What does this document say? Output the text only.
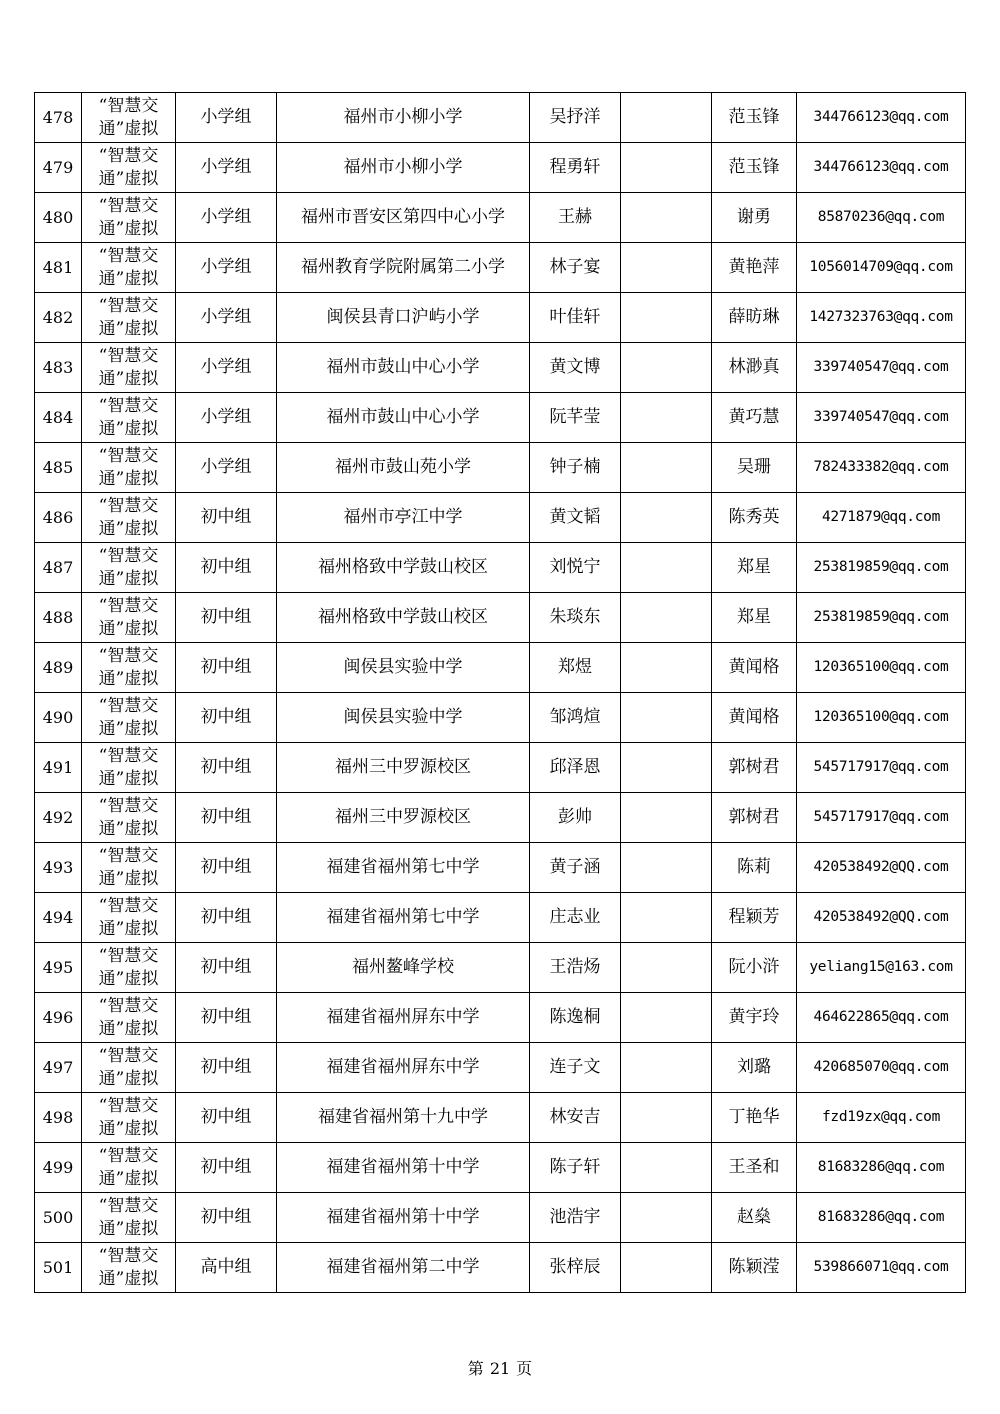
478	“智慧交通”虚拟	小学组	福州市小柳小学	吴抒洋		范玉锋	344766123@qq.com
479	“智慧交通”虚拟	小学组	福州市小柳小学	程勇轩		范玉锋	344766123@qq.com
480	“智慧交通”虚拟	小学组	福州市晋安区第四中心小学	王赫		谢勇	85870236@qq.com
481	“智慧交通”虚拟	小学组	福州教育学院附属第二小学	林子宴		黄艳萍	1056014709@qq.com
482	“智慧交通”虚拟	小学组	闽侯县青口沪屿小学	叶佳轩		薛昉琳	1427323763@qq.com
483	“智慧交通”虚拟	小学组	福州市鼓山中心小学	黄文博		林渺真	339740547@qq.com
484	“智慧交通”虚拟	小学组	福州市鼓山中心小学	阮芊莹		黄巧慧	339740547@qq.com
485	“智慧交通”虚拟	小学组	福州市鼓山苑小学	钟子楠		吴珊	782433382@qq.com
486	“智慧交通”虚拟	初中组	福州市亭江中学	黄文韬		陈秀英	4271879@qq.com
487	“智慧交通”虚拟	初中组	福州格致中学鼓山校区	刘悦宁		郑星	253819859@qq.com
488	“智慧交通”虚拟	初中组	福州格致中学鼓山校区	朱琰东		郑星	253819859@qq.com
489	“智慧交通”虚拟	初中组	闽侯县实验中学	郑煜		黄闻格	120365100@qq.com
490	“智慧交通”虚拟	初中组	闽侯县实验中学	邹鸿煊		黄闻格	120365100@qq.com
491	“智慧交通”虚拟	初中组	福州三中罗源校区	邱泽恩		郭树君	545717917@qq.com
492	“智慧交通”虚拟	初中组	福州三中罗源校区	彭帅		郭树君	545717917@qq.com
493	“智慧交通”虚拟	初中组	福建省福州第七中学	黄子涵		陈莉	420538492@QQ.com
494	“智慧交通”虚拟	初中组	福建省福州第七中学	庄志业		程颖芳	420538492@QQ.com
495	“智慧交通”虚拟	初中组	福州鳌峰学校	王浩炀		阮小浒	yeliang15@163.com
496	“智慧交通”虚拟	初中组	福建省福州屏东中学	陈逸桐		黄宇玲	464622865@qq.com
497	“智慧交通”虚拟	初中组	福建省福州屏东中学	连子文		刘璐	420685070@qq.com
498	“智慧交通”虚拟	初中组	福建省福州第十九中学	林安吉		丁艳华	fzd19zx@qq.com
499	“智慧交通”虚拟	初中组	福建省福州第十中学	陈子轩		王圣和	81683286@qq.com
500	“智慧交通”虚拟	初中组	福建省福州第十中学	池浩宇		赵燊	81683286@qq.com
501	“智慧交通”虚拟	高中组	福建省福州第二中学	张梓辰		陈颖滢	539866071@qq.com
第 21 页
